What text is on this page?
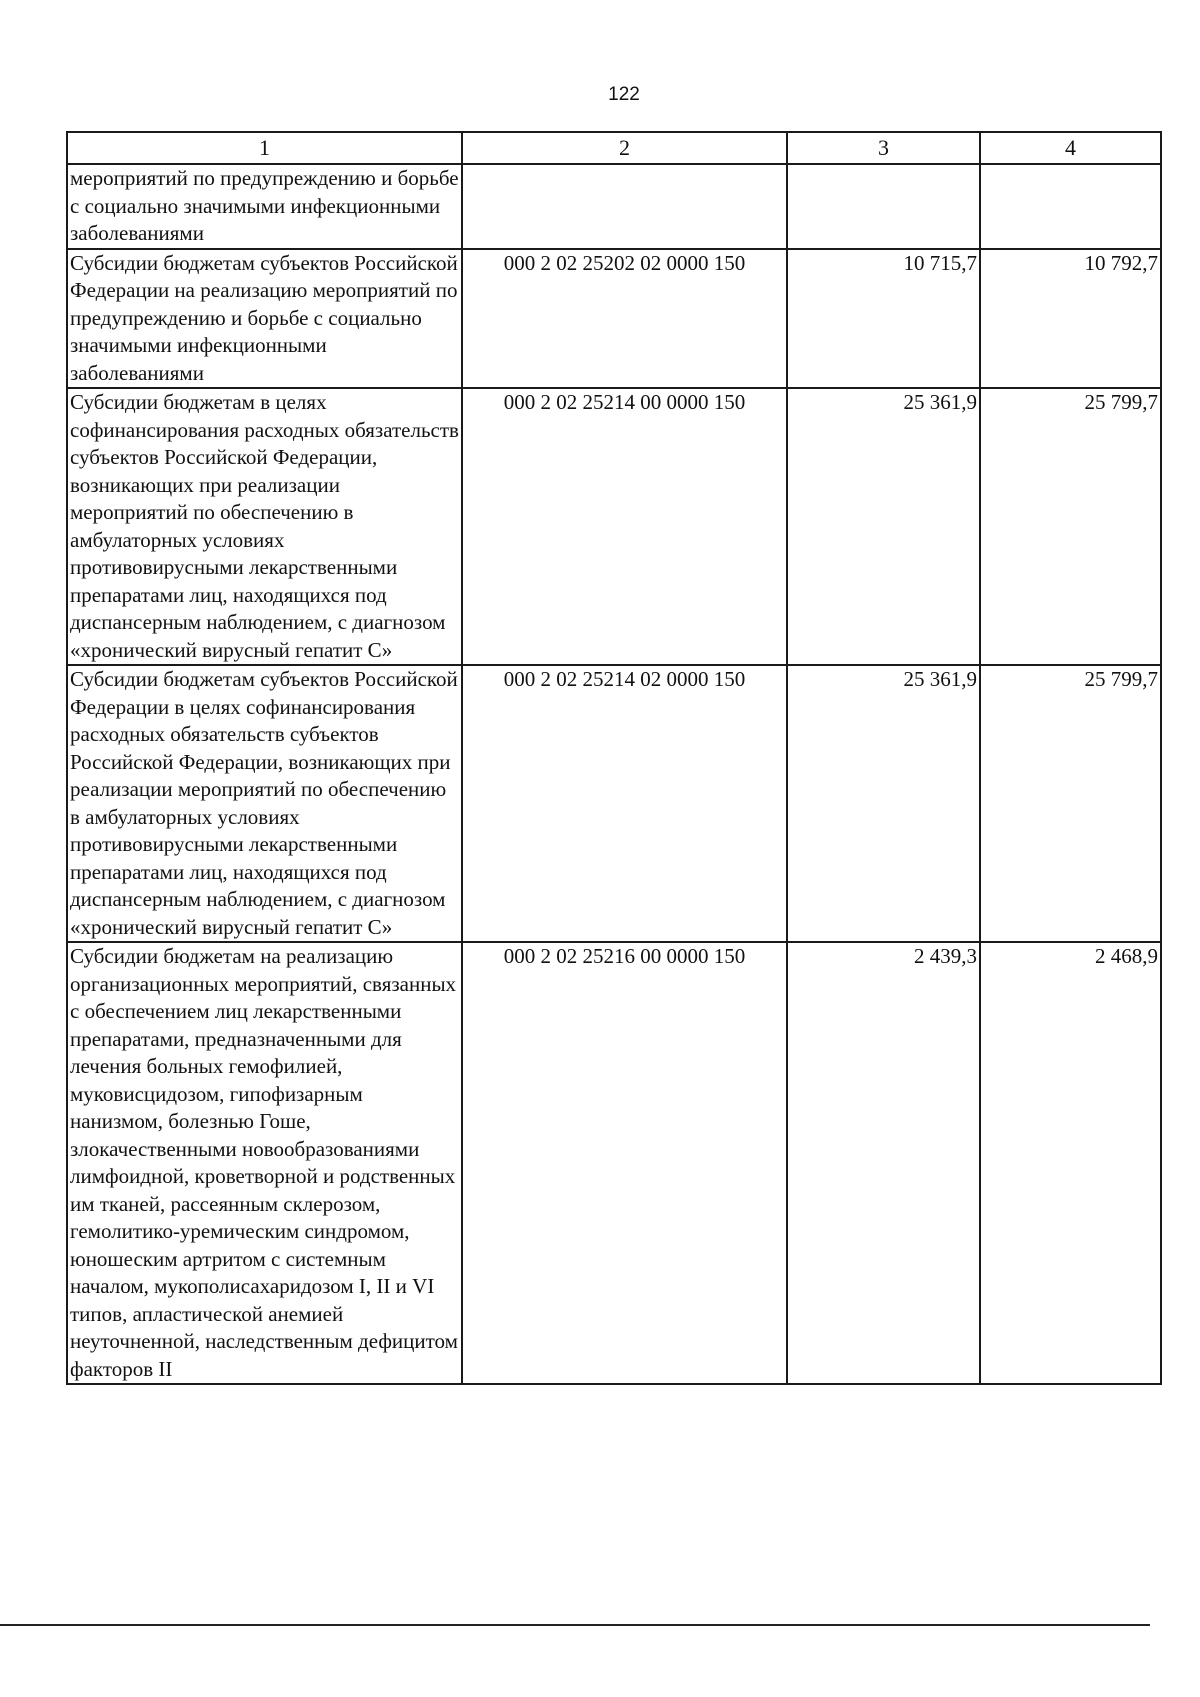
122
1	2	3	4
мероприятий по предупреждению и борьбе с социально значимыми инфекционными заболеваниями			
Субсидии бюджетам субъектов Российской Федерации на реализацию мероприятий по предупреждению и борьбе с социально значимыми инфекционными заболеваниями	000 2 02 25202 02 0000 150	10 715,7	10 792,7
Субсидии бюджетам в целях софинансирования расходных обязательств субъектов Российской Федерации, возникающих при реализации мероприятий по обеспечению в амбулаторных условиях противовирусными лекарственными препаратами лиц, находящихся под диспансерным наблюдением, с диагнозом «хронический вирусный гепатит С»	000 2 02 25214 00 0000 150	25 361,9	25 799,7
Субсидии бюджетам субъектов Российской Федерации в целях софинансирования расходных обязательств субъектов Российской Федерации, возникающих при реализации мероприятий по обеспечению в амбулаторных условиях противовирусными лекарственными препаратами лиц, находящихся под диспансерным наблюдением, с диагнозом «хронический вирусный гепатит С»	000 2 02 25214 02 0000 150	25 361,9	25 799,7
Субсидии бюджетам на реализацию организационных мероприятий, связанных с обеспечением лиц лекарственными препаратами, предназначенными для лечения больных гемофилией, муковисцидозом, гипофизарным нанизмом, болезнью Гоше, злокачественными новообразованиями лимфоидной, кроветворной и родственных им тканей, рассеянным склерозом, гемолитико-уремическим синдромом, юношеским артритом с системным началом, мукополисахаридозом I, II и VI типов, апластической анемией неуточненной, наследственным дефицитом факторов II	000 2 02 25216 00 0000 150	2 439,3	2 468,9
